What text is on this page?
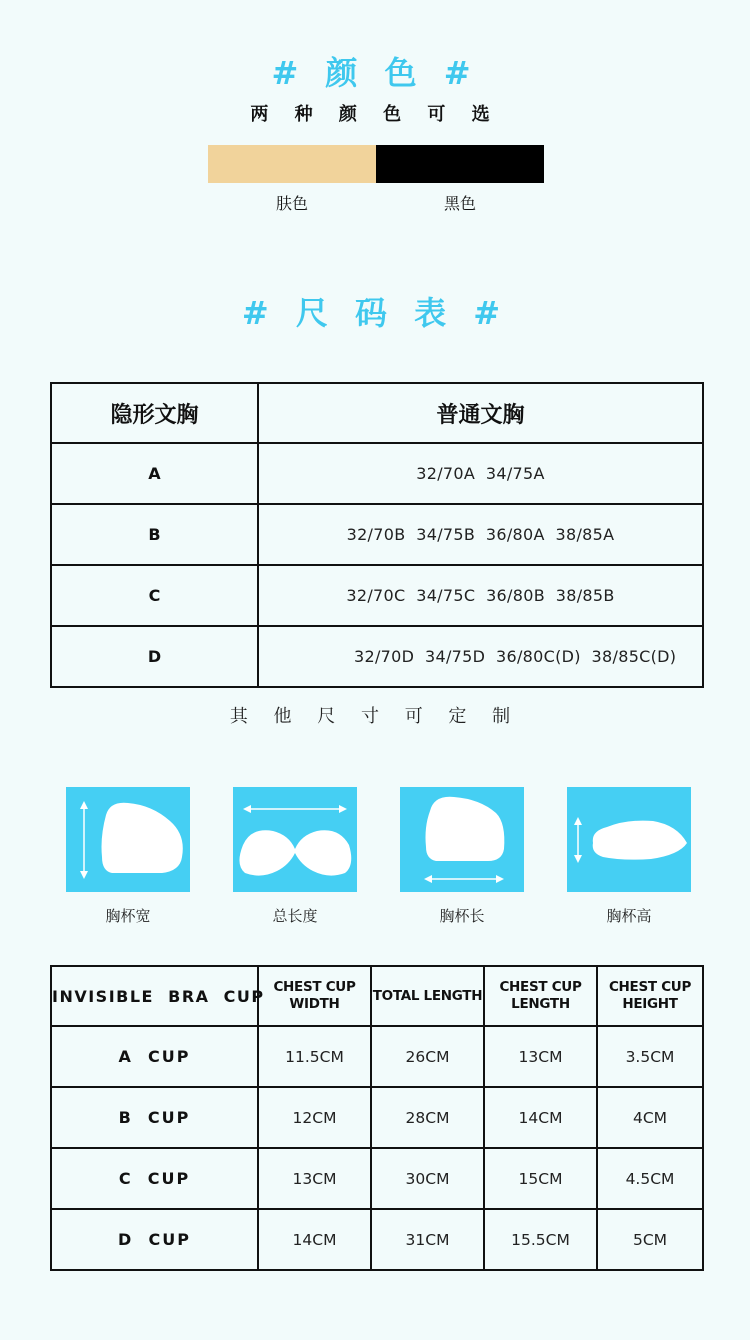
# 颜 色 #
两 种 颜 色 可 选
肤色	黑色
# 尺 码 表 #
隐形文胸	普通文胸
A	32/70A  34/75A
B	32/70B  34/75B  36/80A  38/85A
C	32/70C  34/75C  36/80B  38/85B
D	32/70D  34/75D  36/80C(D)  38/85C(D)
其 他 尺 寸 可 定 制
胸杯宽	总长度	胸杯长	胸杯高
INVISIBLE  BRA  CUP	CHEST CUP WIDTH	TOTAL LENGTH	CHEST CUP LENGTH	CHEST CUP HEIGHT
A  CUP	11.5CM	26CM	13CM	3.5CM
B  CUP	12CM	28CM	14CM	4CM
C  CUP	13CM	30CM	15CM	4.5CM
D  CUP	14CM	31CM	15.5CM	5CM
